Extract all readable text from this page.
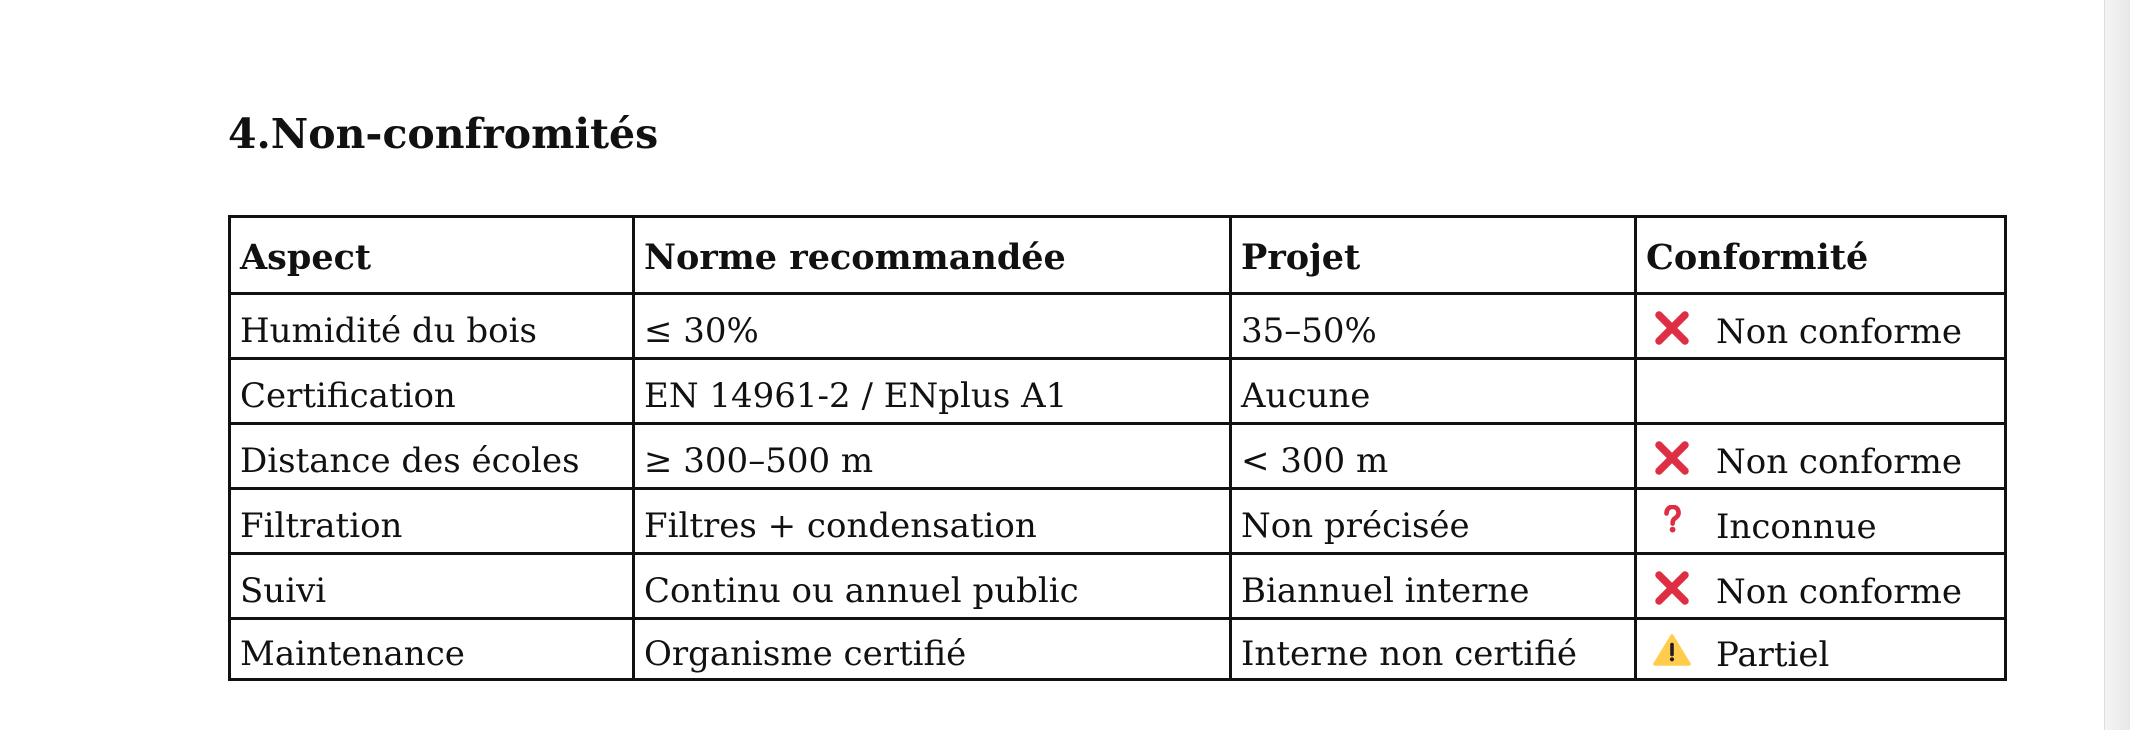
4.Non-confromités
Aspect	Norme recommandée	Projet	Conformité
Humidité du bois	≤ 30%	35–50%	Non conforme
Certification	EN 14961-2 / ENplus A1	Aucune	
Distance des écoles	≥ 300–500 m	< 300 m	Non conforme
Filtration	Filtres + condensation	Non précisée	Inconnue
Suivi	Continu ou annuel public	Biannuel interne	Non conforme
Maintenance	Organisme certifié	Interne non certifié	Partiel
